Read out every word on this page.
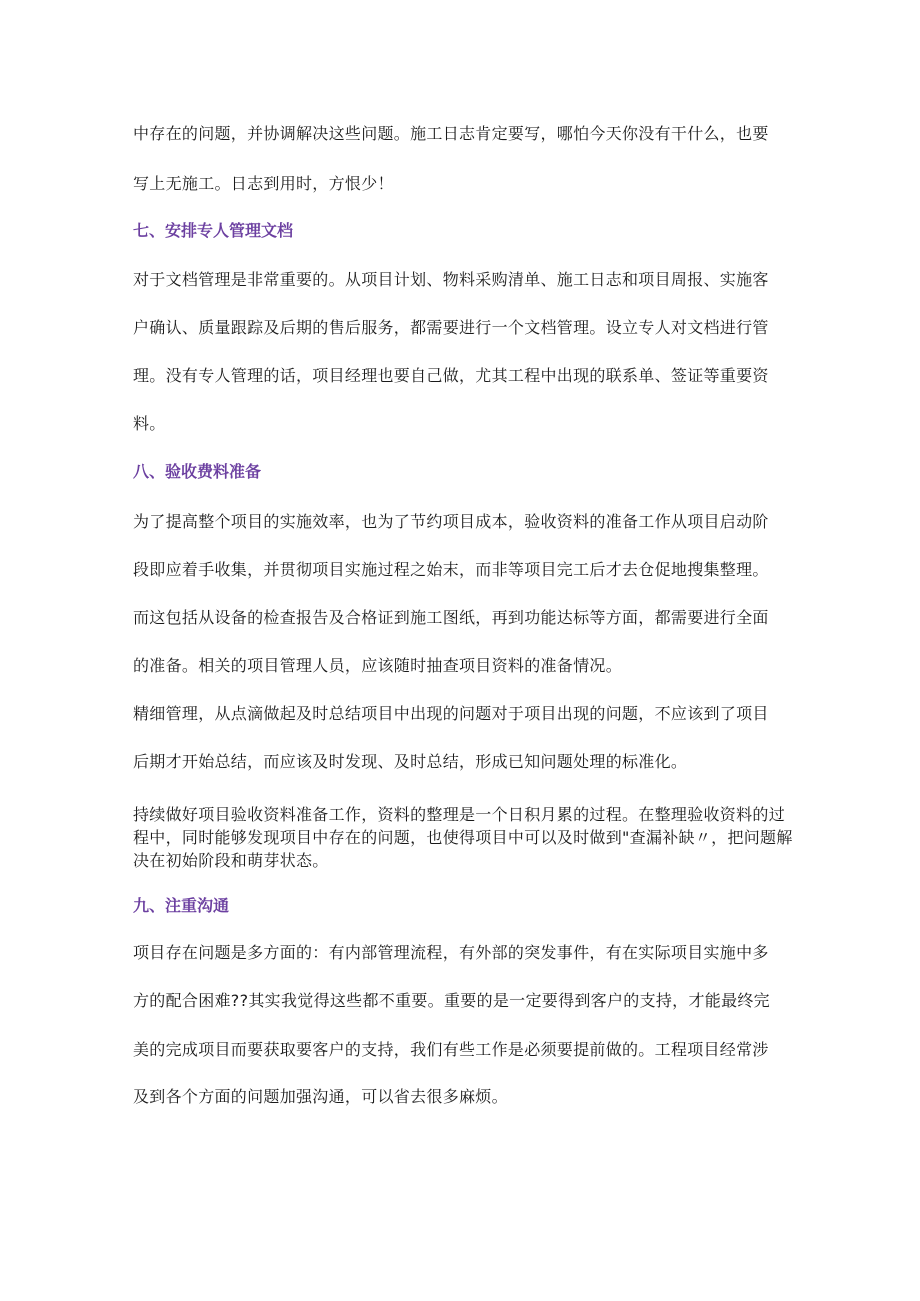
中存在的问题，并协调解决这些问题。施工日志肯定要写，哪怕今天你没有干什么，也要
写上无施工。日志到用时，方恨少！
七、安排专人管理文档
对于文档管理是非常重要的。从项目计划、物料采购清单、施工日志和项目周报、实施客
户确认、质量跟踪及后期的售后服务，都需要进行一个文档管理。设立专人对文档进行管
理。没有专人管理的话，项目经理也要自己做，尤其工程中出现的联系单、签证等重要资
料。
八、验收费料准备
为了提高整个项目的实施效率，也为了节约项目成本，验收资料的准备工作从项目启动阶
段即应着手收集，并贯彻项目实施过程之始末，而非等项目完工后才去仓促地搜集整理。
而这包括从设备的检查报告及合格证到施工图纸，再到功能达标等方面，都需要进行全面
的准备。相关的项目管理人员，应该随时抽查项目资料的准备情况。
精细管理，从点滴做起及时总结项目中出现的问题对于项目出现的问题，不应该到了项目
后期才开始总结，而应该及时发现、及时总结，形成已知问题处理的标准化。
持续做好项目验收资料准备工作，资料的整理是一个日积月累的过程。在整理验收资料的过程中，同时能够发现项目中存在的问题，也使得项目中可以及时做到"查漏补缺〃，把问题解决在初始阶段和萌芽状态。
九、注重沟通
项目存在问题是多方面的：有内部管理流程，有外部的突发事件，有在实际项目实施中多
方的配合困难??其实我觉得这些都不重要。重要的是一定要得到客户的支持，才能最终完
美的完成项目而要获取要客户的支持，我们有些工作是必须要提前做的。工程项目经常涉
及到各个方面的问题加强沟通，可以省去很多麻烦。
